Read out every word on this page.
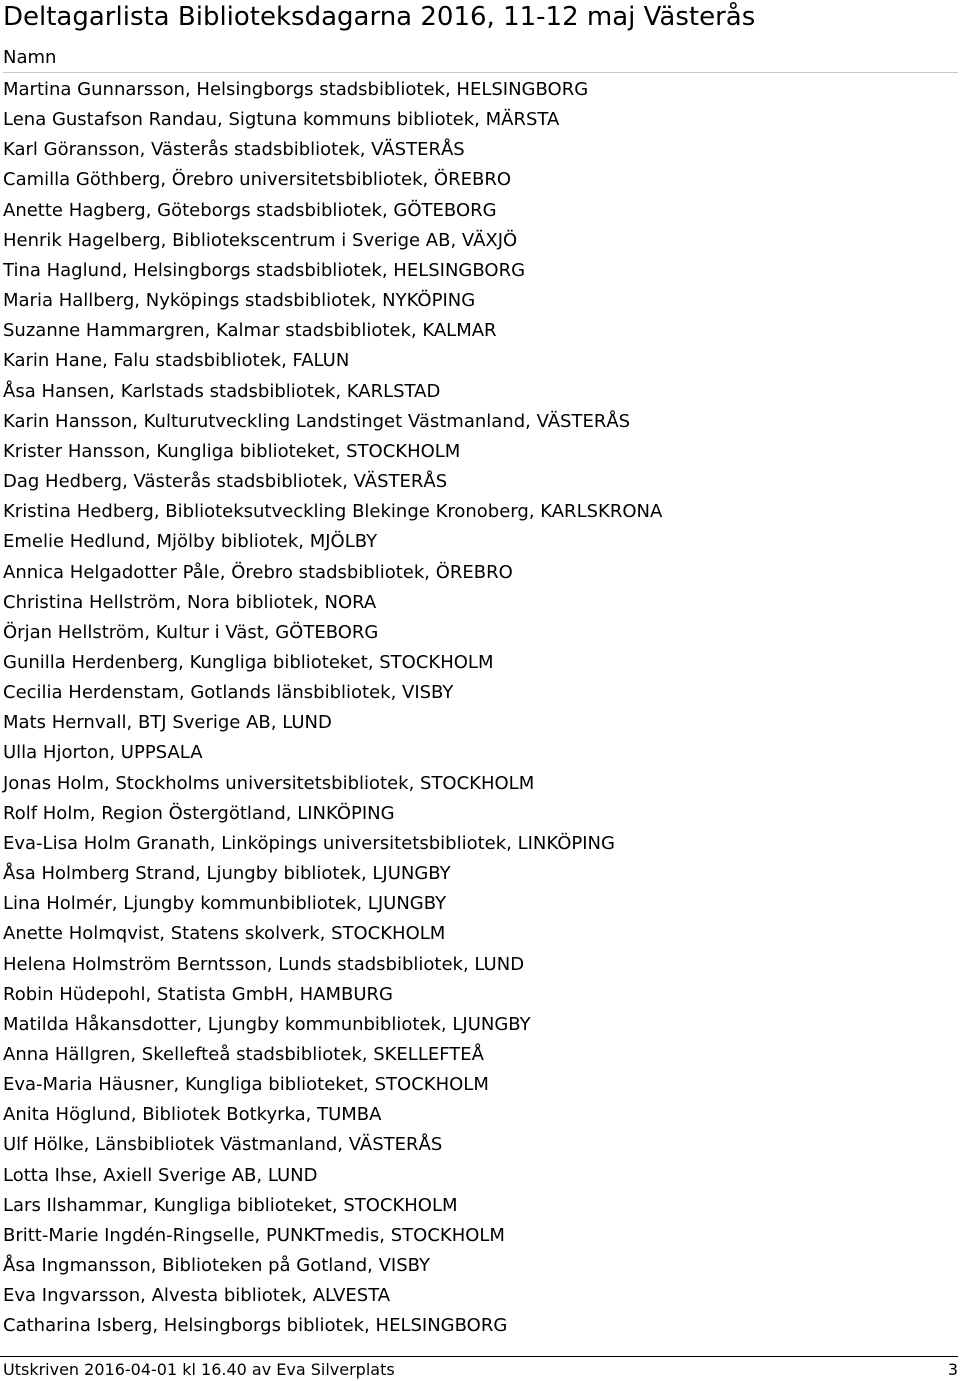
Deltagarlista Biblioteksdagarna 2016, 11-12 maj Västerås
Namn
Martina Gunnarsson, Helsingborgs stadsbibliotek, HELSINGBORG
Lena Gustafson Randau, Sigtuna kommuns bibliotek, MÄRSTA
Karl Göransson, Västerås stadsbibliotek, VÄSTERÅS
Camilla Göthberg, Örebro universitetsbibliotek, ÖREBRO
Anette Hagberg, Göteborgs stadsbibliotek, GÖTEBORG
Henrik Hagelberg, Bibliotekscentrum i Sverige AB, VÄXJÖ
Tina Haglund, Helsingborgs stadsbibliotek, HELSINGBORG
Maria Hallberg, Nyköpings stadsbibliotek, NYKÖPING
Suzanne Hammargren, Kalmar stadsbibliotek, KALMAR
Karin Hane, Falu stadsbibliotek, FALUN
Åsa Hansen, Karlstads stadsbibliotek, KARLSTAD
Karin Hansson, Kulturutveckling Landstinget Västmanland, VÄSTERÅS
Krister Hansson, Kungliga biblioteket, STOCKHOLM
Dag Hedberg, Västerås stadsbibliotek, VÄSTERÅS
Kristina Hedberg, Biblioteksutveckling Blekinge Kronoberg, KARLSKRONA
Emelie Hedlund, Mjölby bibliotek, MJÖLBY
Annica Helgadotter Påle, Örebro stadsbibliotek, ÖREBRO
Christina Hellström, Nora bibliotek, NORA
Örjan Hellström, Kultur i Väst, GÖTEBORG
Gunilla Herdenberg, Kungliga biblioteket, STOCKHOLM
Cecilia Herdenstam, Gotlands länsbibliotek, VISBY
Mats Hernvall, BTJ Sverige AB, LUND
Ulla Hjorton, UPPSALA
Jonas Holm, Stockholms universitetsbibliotek, STOCKHOLM
Rolf Holm, Region Östergötland, LINKÖPING
Eva-Lisa Holm Granath, Linköpings universitetsbibliotek, LINKÖPING
Åsa Holmberg Strand, Ljungby bibliotek, LJUNGBY
Lina Holmér, Ljungby kommunbibliotek, LJUNGBY
Anette Holmqvist, Statens skolverk, STOCKHOLM
Helena Holmström Berntsson, Lunds stadsbibliotek, LUND
Robin Hüdepohl, Statista GmbH, HAMBURG
Matilda Håkansdotter, Ljungby kommunbibliotek, LJUNGBY
Anna Hällgren, Skellefteå stadsbibliotek, SKELLEFTEÅ
Eva-Maria Häusner, Kungliga biblioteket, STOCKHOLM
Anita Höglund, Bibliotek Botkyrka, TUMBA
Ulf Hölke, Länsbibliotek Västmanland, VÄSTERÅS
Lotta Ihse, Axiell Sverige AB, LUND
Lars Ilshammar, Kungliga biblioteket, STOCKHOLM
Britt-Marie Ingdén-Ringselle, PUNKTmedis, STOCKHOLM
Åsa Ingmansson, Biblioteken på Gotland, VISBY
Eva Ingvarsson, Alvesta bibliotek, ALVESTA
Catharina Isberg, Helsingborgs bibliotek, HELSINGBORG
Utskriven 2016-04-01 kl 16.40 av Eva Silverplats	3
